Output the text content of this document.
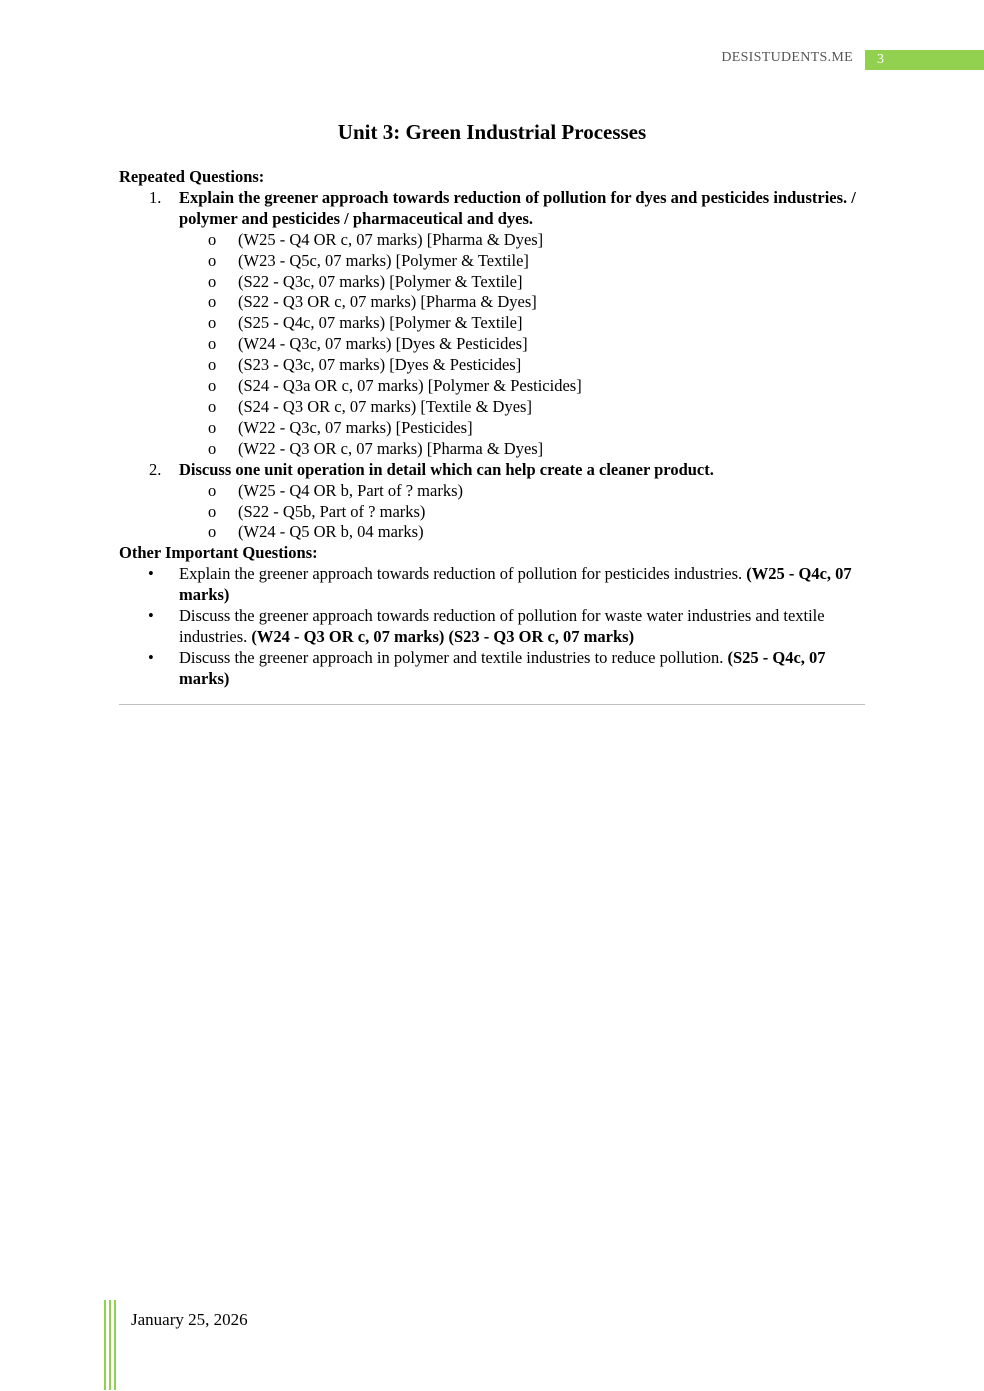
DESISTUDENTS.ME	3
Unit 3: Green Industrial Processes
Repeated Questions:
1. Explain the greener approach towards reduction of pollution for dyes and pesticides industries. / polymer and pesticides / pharmaceutical and dyes.
o (W25 - Q4 OR c, 07 marks) [Pharma & Dyes]
o (W23 - Q5c, 07 marks) [Polymer & Textile]
o (S22 - Q3c, 07 marks) [Polymer & Textile]
o (S22 - Q3 OR c, 07 marks) [Pharma & Dyes]
o (S25 - Q4c, 07 marks) [Polymer & Textile]
o (W24 - Q3c, 07 marks) [Dyes & Pesticides]
o (S23 - Q3c, 07 marks) [Dyes & Pesticides]
o (S24 - Q3a OR c, 07 marks) [Polymer & Pesticides]
o (S24 - Q3 OR c, 07 marks) [Textile & Dyes]
o (W22 - Q3c, 07 marks) [Pesticides]
o (W22 - Q3 OR c, 07 marks) [Pharma & Dyes]
2. Discuss one unit operation in detail which can help create a cleaner product.
o (W25 - Q4 OR b, Part of ? marks)
o (S22 - Q5b, Part of ? marks)
o (W24 - Q5 OR b, 04 marks)
Other Important Questions:
• Explain the greener approach towards reduction of pollution for pesticides industries. (W25 - Q4c, 07 marks)
• Discuss the greener approach towards reduction of pollution for waste water industries and textile industries. (W24 - Q3 OR c, 07 marks) (S23 - Q3 OR c, 07 marks)
• Discuss the greener approach in polymer and textile industries to reduce pollution. (S25 - Q4c, 07 marks)
January 25, 2026
